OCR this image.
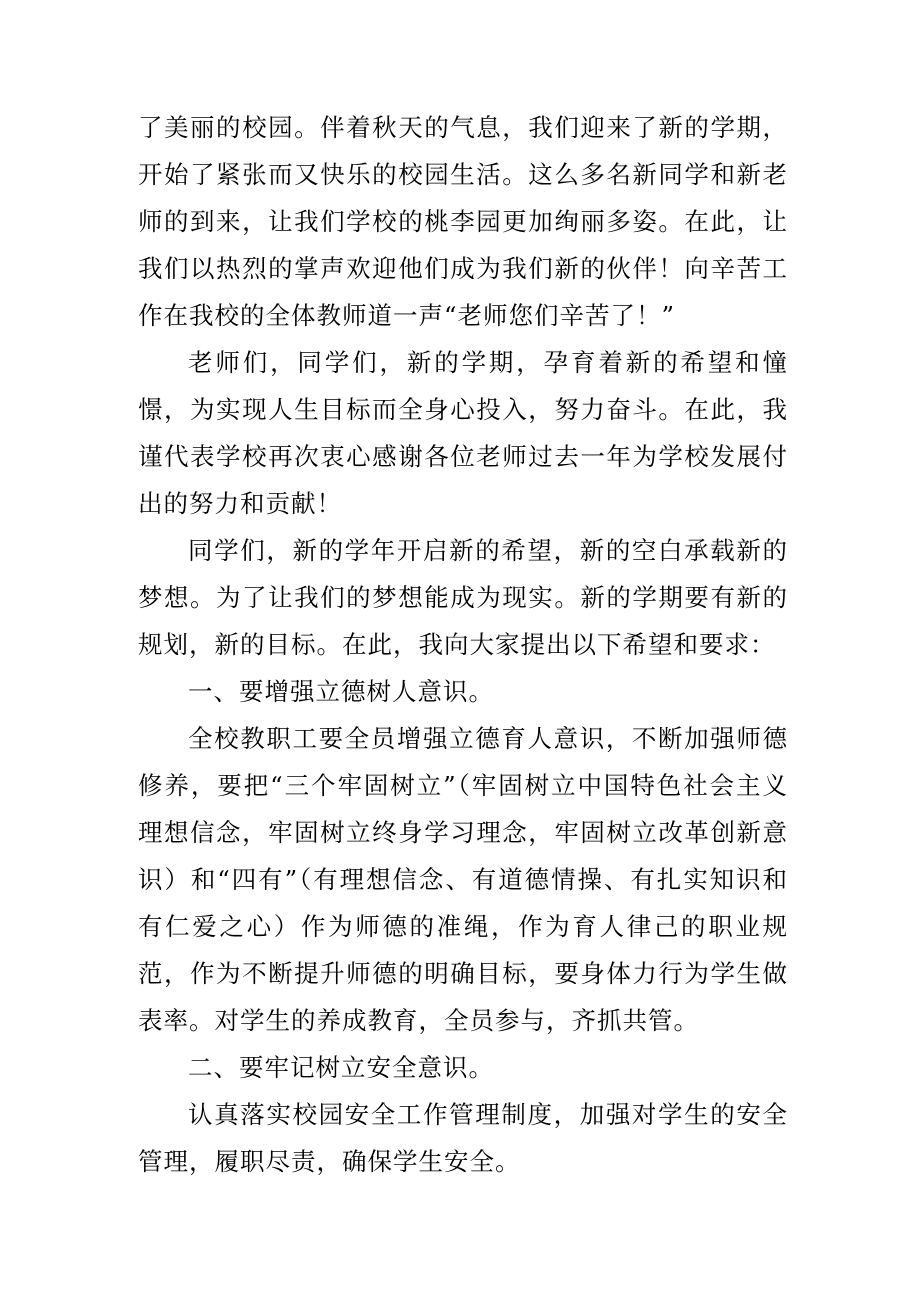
了美丽的校园。伴着秋天的气息，我们迎来了新的学期，开始了紧张而又快乐的校园生活。这么多名新同学和新老师的到来，让我们学校的桃李园更加绚丽多姿。在此，让我们以热烈的掌声欢迎他们成为我们新的伙伴！向辛苦工作在我校的全体教师道一声“老师您们辛苦了！”

老师们，同学们，新的学期，孕育着新的希望和憧憬，为实现人生目标而全身心投入，努力奋斗。在此，我谨代表学校再次衷心感谢各位老师过去一年为学校发展付出的努力和贡献！

同学们，新的学年开启新的希望，新的空白承载新的梦想。为了让我们的梦想能成为现实。新的学期要有新的规划，新的目标。在此，我向大家提出以下希望和要求：

一、要增强立德树人意识。

全校教职工要全员增强立德育人意识，不断加强师德修养，要把“三个牢固树立”（牢固树立中国特色社会主义理想信念，牢固树立终身学习理念，牢固树立改革创新意识）和“四有”（有理想信念、有道德情操、有扎实知识和有仁爱之心）作为师德的准绳，作为育人律己的职业规范，作为不断提升师德的明确目标，要身体力行为学生做表率。对学生的养成教育，全员参与，齐抓共管。

二、要牢记树立安全意识。

认真落实校园安全工作管理制度，加强对学生的安全管理，履职尽责，确保学生安全。
